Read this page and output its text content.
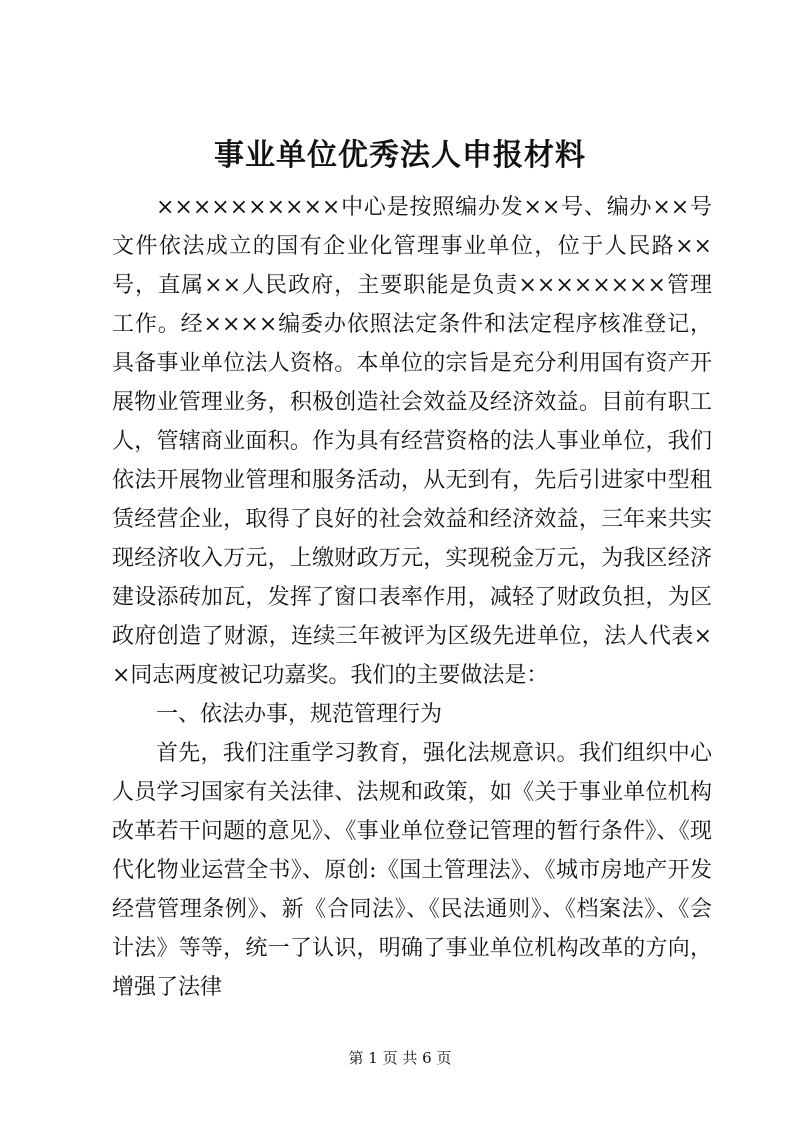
事业单位优秀法人申报材料

××××××××××中心是按照编办发××号、编办××号文件依法成立的国有企业化管理事业单位，位于人民路××号，直属××人民政府，主要职能是负责××××××××管理工作。经××××编委办依照法定条件和法定程序核准登记，具备事业单位法人资格。本单位的宗旨是充分利用国有资产开展物业管理业务，积极创造社会效益及经济效益。目前有职工人，管辖商业面积。作为具有经营资格的法人事业单位，我们依法开展物业管理和服务活动，从无到有，先后引进家中型租赁经营企业，取得了良好的社会效益和经济效益，三年来共实现经济收入万元，上缴财政万元，实现税金万元，为我区经济建设添砖加瓦，发挥了窗口表率作用，减轻了财政负担，为区政府创造了财源，连续三年被评为区级先进单位，法人代表××同志两度被记功嘉奖。我们的主要做法是：

一、依法办事，规范管理行为

首先，我们注重学习教育，强化法规意识。我们组织中心人员学习国家有关法律、法规和政策，如《关于事业单位机构改革若干问题的意见》、《事业单位登记管理的暂行条件》、《现代化物业运营全书》、原创:《国土管理法》、《城市房地产开发经营管理条例》、新《合同法》、《民法通则》、《档案法》、《会计法》等等，统一了认识，明确了事业单位机构改革的方向，增强了法律

第 1 页 共 6 页
